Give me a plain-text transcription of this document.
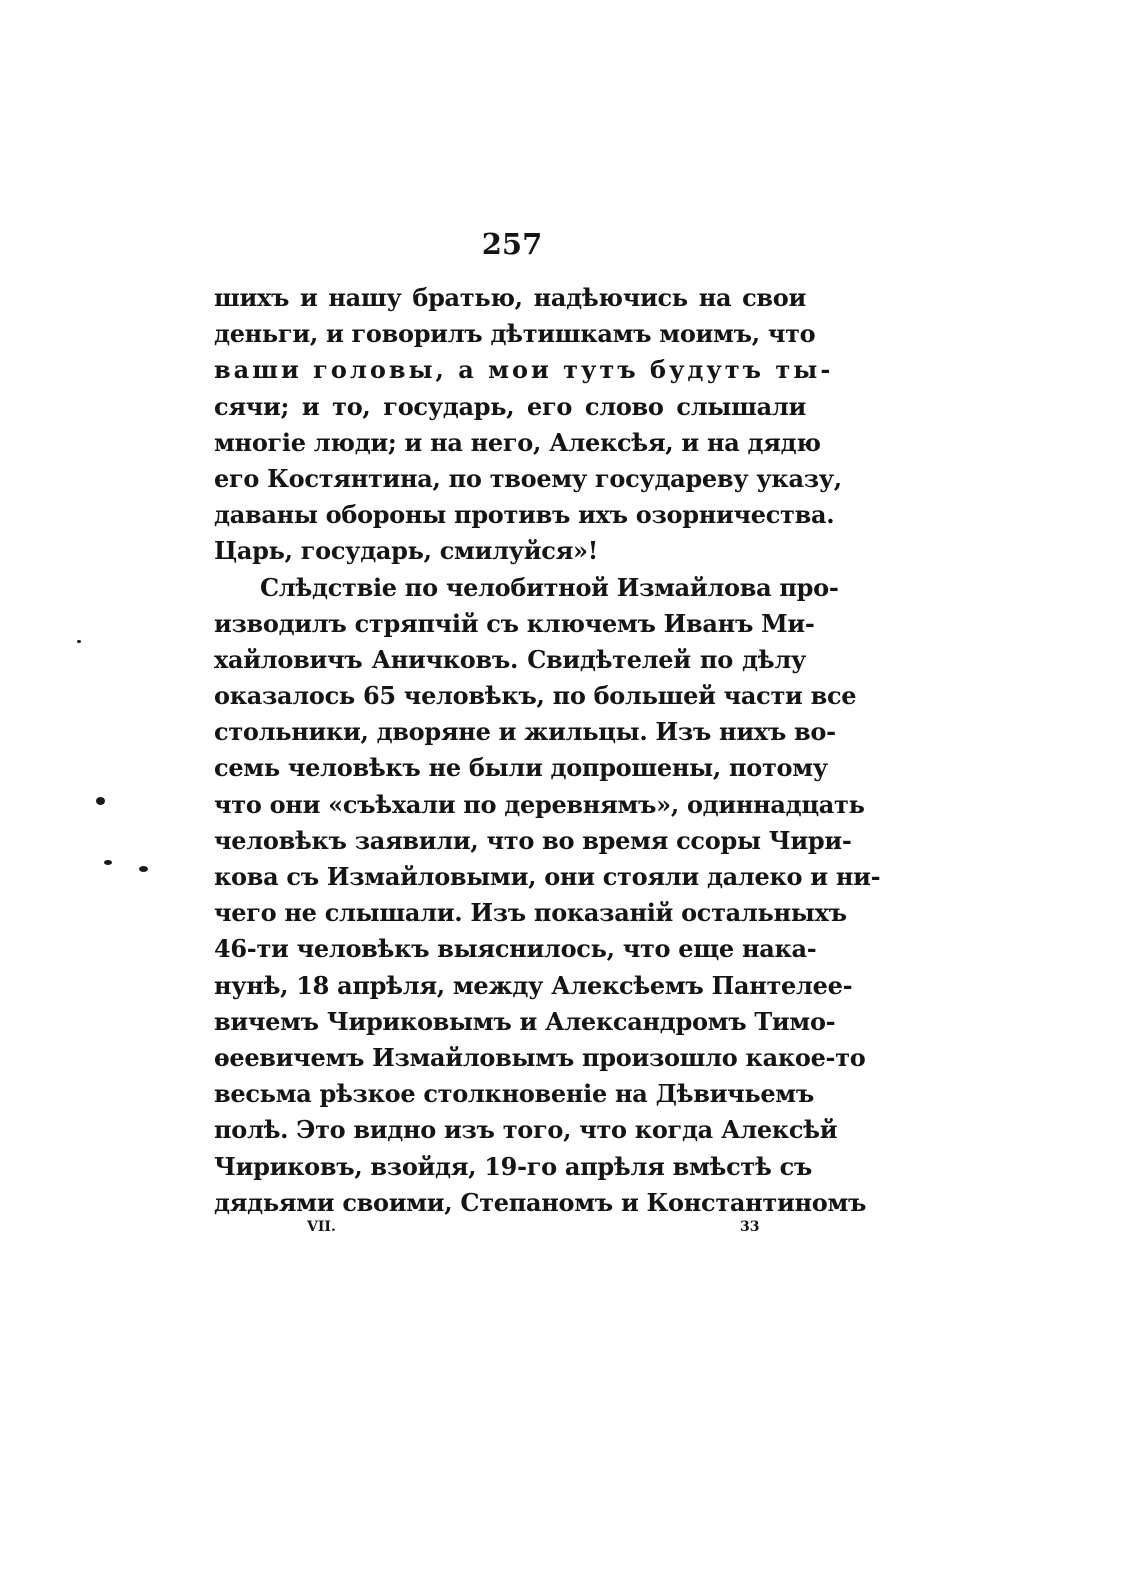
257
шихъ и нашу братью, надѣючись на свои
деньги, и говорилъ дѣтишкамъ моимъ, что
ваши головы, а мои тутъ будутъ ты-
сячи; и то, государь, его слово слышали
многiе люди; и на него, Алексѣя, и на дядю
его Костянтина, по твоему государеву указу,
даваны обороны противъ ихъ озорничества.
Царь, государь, смилуйся»!
Слѣдствiе по челобитной Измайлова про-
изводилъ стряпчiй съ ключемъ Иванъ Ми-
хайловичъ Аничковъ. Свидѣтелей по дѣлу
оказалось 65 человѣкъ, по большей части все
стольники, дворяне и жильцы. Изъ нихъ во-
семь человѣкъ не были допрошены, потому
что они «съѣхали по деревнямъ», одиннадцать
человѣкъ заявили, что во время ссоры Чири-
кова съ Измайловыми, они стояли далеко и ни-
чего не слышали. Изъ показанiй остальныхъ
46-ти человѣкъ выяснилось, что еще нака-
нунѣ, 18 апрѣля, между Алексѣемъ Пантелее-
вичемъ Чириковымъ и Александромъ Тимо-
ѳеевичемъ Измайловымъ произошло какое-то
весьма рѣзкое столкновенiе на Дѣвичьемъ
полѣ. Это видно изъ того, что когда Алексѣй
Чириковъ, взойдя, 19-го апрѣля вмѣстѣ съ
дядьями своими, Степаномъ и Константиномъ
VII.	33
